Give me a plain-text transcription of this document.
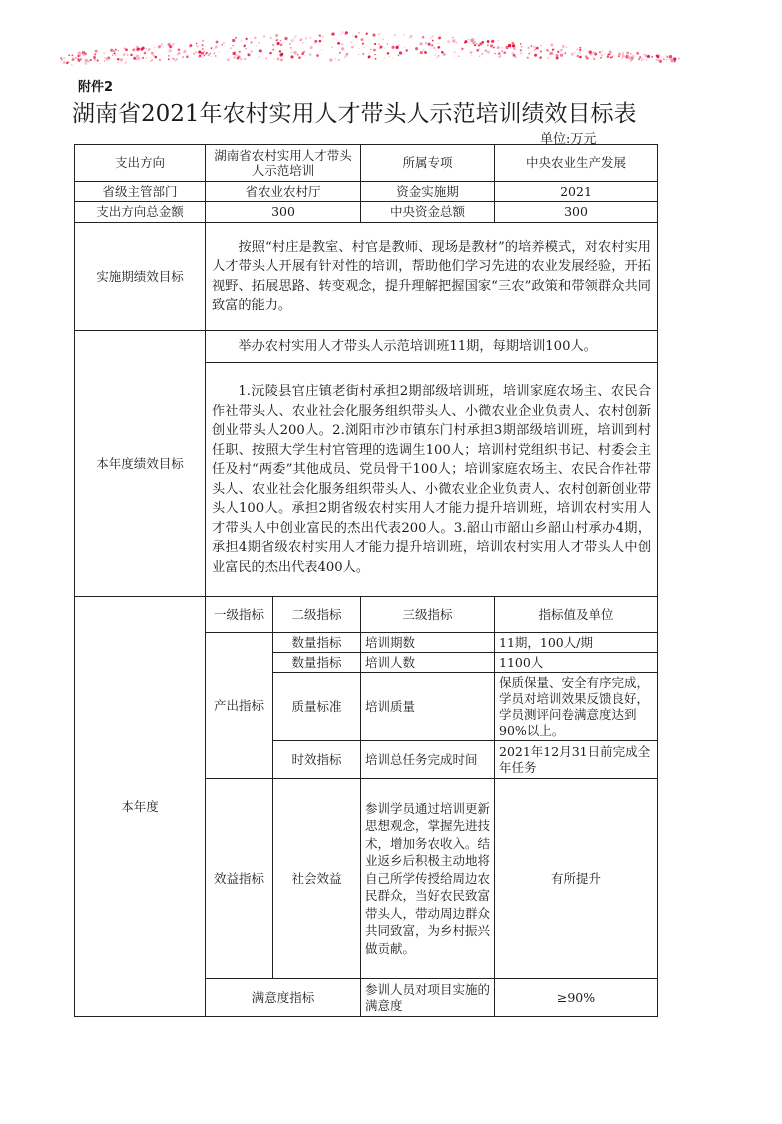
附件2
湖南省2021年农村实用人才带头人示范培训绩效目标表
单位:万元
支出方向	湖南省农村实用人才带头人示范培训	所属专项	中央农业生产发展
省级主管部门	省农业农村厅	资金实施期	2021
支出方向总金额	300	中央资金总额	300
实施期绩效目标	按照“村庄是教室、村官是教师、现场是教材”的培养模式，对农村实用人才带头人开展有针对性的培训，帮助他们学习先进的农业发展经验，开拓视野、拓展思路、转变观念，提升理解把握国家“三农”政策和带领群众共同致富的能力。		
本年度绩效目标	举办农村实用人才带头人示范培训班11期，每期培训100人。			
	1.沅陵县官庄镇老街村承担2期部级培训班，培训家庭农场主、农民合作社带头人、农业社会化服务组织带头人、小微农业企业负责人、农村创新创业带头人200人。2.浏阳市沙市镇东门村承担3期部级培训班，培训到村任职、按照大学生村官管理的选调生100人；培训村党组织书记、村委会主任及村“两委”其他成员、党员骨干100人；培训家庭农场主、农民合作社带头人、农业社会化服务组织带头人、小微农业企业负责人、农村创新创业带头人100人。承担2期省级农村实用人才能力提升培训班，培训农村实用人才带头人中创业富民的杰出代表200人。3.韶山市韶山乡韶山村承办4期，承担4期省级农村实用人才能力提升培训班，培训农村实用人才带头人中创业富民的杰出代表400人。			
本年度	一级指标	二级指标	三级指标	指标值及单位
	产出指标	数量指标	培训期数	11期，100人/期
		数量指标	培训人数	1100人
		质量标准	培训质量	保质保量、安全有序完成，学员对培训效果反馈良好，学员测评问卷满意度达到90%以上。
		时效指标	培训总任务完成时间	2021年12月31日前完成全年任务
	效益指标	社会效益	参训学员通过培训更新思想观念，掌握先进技术，增加务农收入。结业返乡后积极主动地将自己所学传授给周边农民群众，当好农民致富带头人，带动周边群众共同致富，为乡村振兴做贡献。	有所提升
	满意度指标		参训人员对项目实施的满意度	≥90%
